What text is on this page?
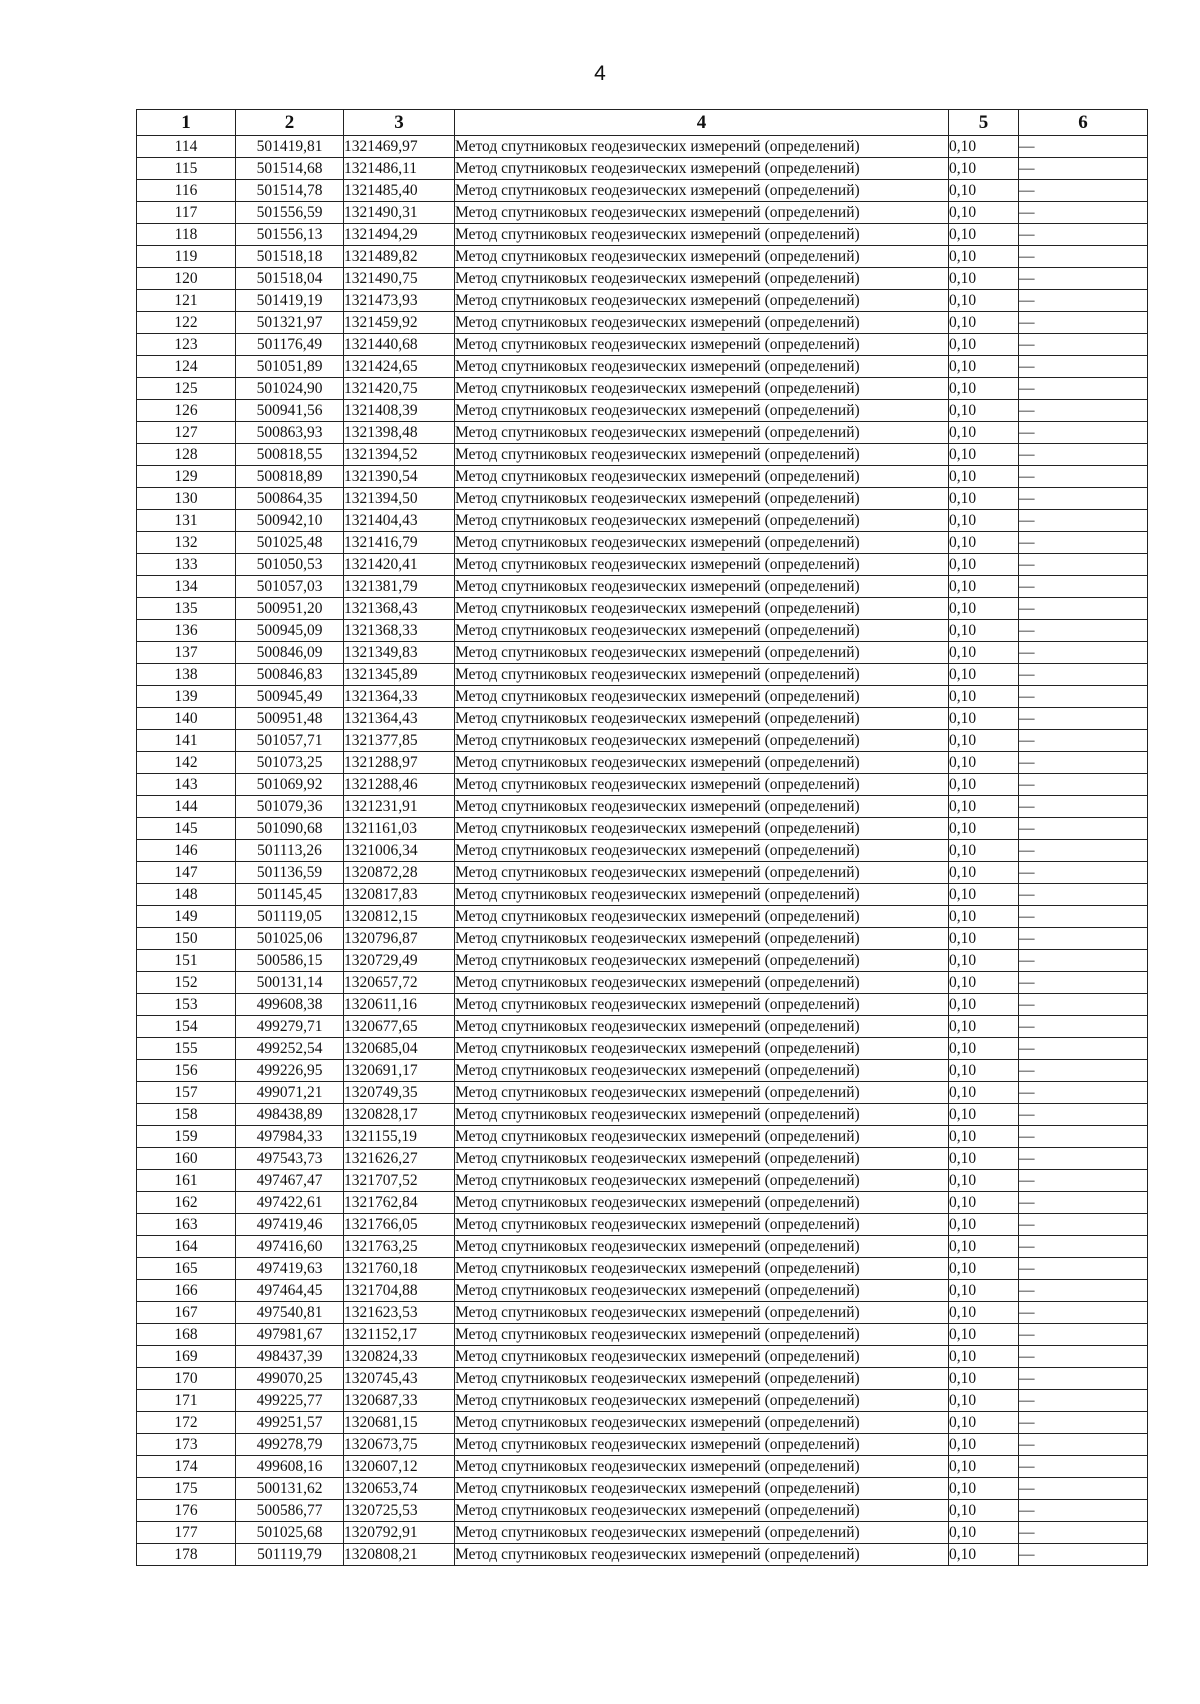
4
1	2	3	4	5	6
114	501419,81	1321469,97	Метод спутниковых геодезических измерений (определений)	0,10	—
115	501514,68	1321486,11	Метод спутниковых геодезических измерений (определений)	0,10	—
116	501514,78	1321485,40	Метод спутниковых геодезических измерений (определений)	0,10	—
117	501556,59	1321490,31	Метод спутниковых геодезических измерений (определений)	0,10	—
118	501556,13	1321494,29	Метод спутниковых геодезических измерений (определений)	0,10	—
119	501518,18	1321489,82	Метод спутниковых геодезических измерений (определений)	0,10	—
120	501518,04	1321490,75	Метод спутниковых геодезических измерений (определений)	0,10	—
121	501419,19	1321473,93	Метод спутниковых геодезических измерений (определений)	0,10	—
122	501321,97	1321459,92	Метод спутниковых геодезических измерений (определений)	0,10	—
123	501176,49	1321440,68	Метод спутниковых геодезических измерений (определений)	0,10	—
124	501051,89	1321424,65	Метод спутниковых геодезических измерений (определений)	0,10	—
125	501024,90	1321420,75	Метод спутниковых геодезических измерений (определений)	0,10	—
126	500941,56	1321408,39	Метод спутниковых геодезических измерений (определений)	0,10	—
127	500863,93	1321398,48	Метод спутниковых геодезических измерений (определений)	0,10	—
128	500818,55	1321394,52	Метод спутниковых геодезических измерений (определений)	0,10	—
129	500818,89	1321390,54	Метод спутниковых геодезических измерений (определений)	0,10	—
130	500864,35	1321394,50	Метод спутниковых геодезических измерений (определений)	0,10	—
131	500942,10	1321404,43	Метод спутниковых геодезических измерений (определений)	0,10	—
132	501025,48	1321416,79	Метод спутниковых геодезических измерений (определений)	0,10	—
133	501050,53	1321420,41	Метод спутниковых геодезических измерений (определений)	0,10	—
134	501057,03	1321381,79	Метод спутниковых геодезических измерений (определений)	0,10	—
135	500951,20	1321368,43	Метод спутниковых геодезических измерений (определений)	0,10	—
136	500945,09	1321368,33	Метод спутниковых геодезических измерений (определений)	0,10	—
137	500846,09	1321349,83	Метод спутниковых геодезических измерений (определений)	0,10	—
138	500846,83	1321345,89	Метод спутниковых геодезических измерений (определений)	0,10	—
139	500945,49	1321364,33	Метод спутниковых геодезических измерений (определений)	0,10	—
140	500951,48	1321364,43	Метод спутниковых геодезических измерений (определений)	0,10	—
141	501057,71	1321377,85	Метод спутниковых геодезических измерений (определений)	0,10	—
142	501073,25	1321288,97	Метод спутниковых геодезических измерений (определений)	0,10	—
143	501069,92	1321288,46	Метод спутниковых геодезических измерений (определений)	0,10	—
144	501079,36	1321231,91	Метод спутниковых геодезических измерений (определений)	0,10	—
145	501090,68	1321161,03	Метод спутниковых геодезических измерений (определений)	0,10	—
146	501113,26	1321006,34	Метод спутниковых геодезических измерений (определений)	0,10	—
147	501136,59	1320872,28	Метод спутниковых геодезических измерений (определений)	0,10	—
148	501145,45	1320817,83	Метод спутниковых геодезических измерений (определений)	0,10	—
149	501119,05	1320812,15	Метод спутниковых геодезических измерений (определений)	0,10	—
150	501025,06	1320796,87	Метод спутниковых геодезических измерений (определений)	0,10	—
151	500586,15	1320729,49	Метод спутниковых геодезических измерений (определений)	0,10	—
152	500131,14	1320657,72	Метод спутниковых геодезических измерений (определений)	0,10	—
153	499608,38	1320611,16	Метод спутниковых геодезических измерений (определений)	0,10	—
154	499279,71	1320677,65	Метод спутниковых геодезических измерений (определений)	0,10	—
155	499252,54	1320685,04	Метод спутниковых геодезических измерений (определений)	0,10	—
156	499226,95	1320691,17	Метод спутниковых геодезических измерений (определений)	0,10	—
157	499071,21	1320749,35	Метод спутниковых геодезических измерений (определений)	0,10	—
158	498438,89	1320828,17	Метод спутниковых геодезических измерений (определений)	0,10	—
159	497984,33	1321155,19	Метод спутниковых геодезических измерений (определений)	0,10	—
160	497543,73	1321626,27	Метод спутниковых геодезических измерений (определений)	0,10	—
161	497467,47	1321707,52	Метод спутниковых геодезических измерений (определений)	0,10	—
162	497422,61	1321762,84	Метод спутниковых геодезических измерений (определений)	0,10	—
163	497419,46	1321766,05	Метод спутниковых геодезических измерений (определений)	0,10	—
164	497416,60	1321763,25	Метод спутниковых геодезических измерений (определений)	0,10	—
165	497419,63	1321760,18	Метод спутниковых геодезических измерений (определений)	0,10	—
166	497464,45	1321704,88	Метод спутниковых геодезических измерений (определений)	0,10	—
167	497540,81	1321623,53	Метод спутниковых геодезических измерений (определений)	0,10	—
168	497981,67	1321152,17	Метод спутниковых геодезических измерений (определений)	0,10	—
169	498437,39	1320824,33	Метод спутниковых геодезических измерений (определений)	0,10	—
170	499070,25	1320745,43	Метод спутниковых геодезических измерений (определений)	0,10	—
171	499225,77	1320687,33	Метод спутниковых геодезических измерений (определений)	0,10	—
172	499251,57	1320681,15	Метод спутниковых геодезических измерений (определений)	0,10	—
173	499278,79	1320673,75	Метод спутниковых геодезических измерений (определений)	0,10	—
174	499608,16	1320607,12	Метод спутниковых геодезических измерений (определений)	0,10	—
175	500131,62	1320653,74	Метод спутниковых геодезических измерений (определений)	0,10	—
176	500586,77	1320725,53	Метод спутниковых геодезических измерений (определений)	0,10	—
177	501025,68	1320792,91	Метод спутниковых геодезических измерений (определений)	0,10	—
178	501119,79	1320808,21	Метод спутниковых геодезических измерений (определений)	0,10	—
